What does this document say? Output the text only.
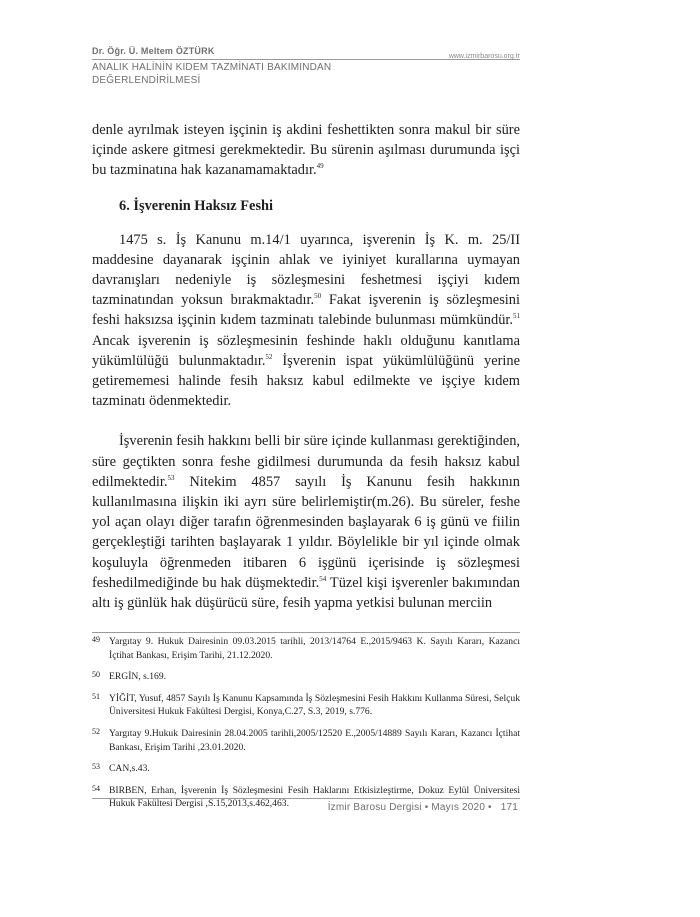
Dr. Öğr. Ü. Meltem ÖZTÜRK
www.izmirbarosu.org.tr
ANALIK HALİNİN KIDEM TAZMİNATI BAKIMINDAN
DEĞERLENDİRİLMESİ

denle ayrılmak isteyen işçinin iş akdini feshettikten sonra makul bir süre içinde askere gitmesi gerekmektedir. Bu sürenin aşılması durumunda işçi bu tazminatına hak kazanamamaktadır.$^{49}$

6. İşverenin Haksız Feshi

1475 s. İş Kanunu m.14/1 uyarınca, işverenin İş K. m. 25/II maddesine dayanarak işçinin ahlak ve iyiniyet kurallarına uymayan davranışları nedeniyle iş sözleşmesini feshetmesi işçiyi kıdem tazminatından yoksun bırakmaktadır.$^{50}$ Fakat işverenin iş sözleşmesini feshi haksızsa işçinin kıdem tazminatı talebinde bulunması mümkündür.$^{51}$ Ancak işverenin iş sözleşmesinin feshinde haklı olduğunu kanıtlama yükümlülüğü bulunmaktadır.$^{52}$ İşverenin ispat yükümlülüğünü yerine getirememesi halinde fesih haksız kabul edilmekte ve işçiye kıdem tazminatı ödenmektedir.

İşverenin fesih hakkını belli bir süre içinde kullanması gerektiğinden, süre geçtikten sonra feshe gidilmesi durumunda da fesih haksız kabul edilmektedir.$^{53}$ Nitekim 4857 sayılı İş Kanunu fesih hakkının kullanılmasına ilişkin iki ayrı süre belirlemiştir(m.26). Bu süreler, feshe yol açan olayı diğer tarafın öğrenmesinden başlayarak 6 iş günü ve fiilin gerçekleştiği tarihten başlayarak 1 yıldır. Böylelikle bir yıl içinde olmak koşuluyla öğrenmeden itibaren 6 işgünü içerisinde iş sözleşmesi feshedilmediğinde bu hak düşmektedir.$^{54}$ Tüzel kişi işverenler bakımından altı iş günlük hak düşürücü süre, fesih yapma yetkisi bulunan merciin

49 Yargıtay 9. Hukuk Dairesinin 09.03.2015 tarihli, 2013/14764 E.,2015/9463 K. Sayılı Kararı, Kazancı İçtihat Bankası, Erişim Tarihi, 21.12.2020.
50 ERGİN, s.169.
51 YİĞİT, Yusuf, 4857 Sayılı İş Kanunu Kapsamında İş Sözleşmesini Fesih Hakkını Kullanma Süresi, Selçuk Üniversitesi Hukuk Fakültesi Dergisi, Konya,C.27, S.3, 2019, s.776.
52 Yargıtay 9.Hukuk Dairesinin 28.04.2005 tarihli,2005/12520 E.,2005/14889 Sayılı Kararı, Kazancı İçtihat Bankası, Erişim Tarihi ,23.01.2020.
53 CAN,s.43.
54 BIRBEN, Erhan, İşverenin İş Sözleşmesini Fesih Haklarını Etkisizleştirme, Dokuz Eylül Üniversitesi Hukuk Fakültesi Dergisi ,S.15,2013,s.462,463.	İzmir Barosu Dergisi • Mayıs 2020 • 171
